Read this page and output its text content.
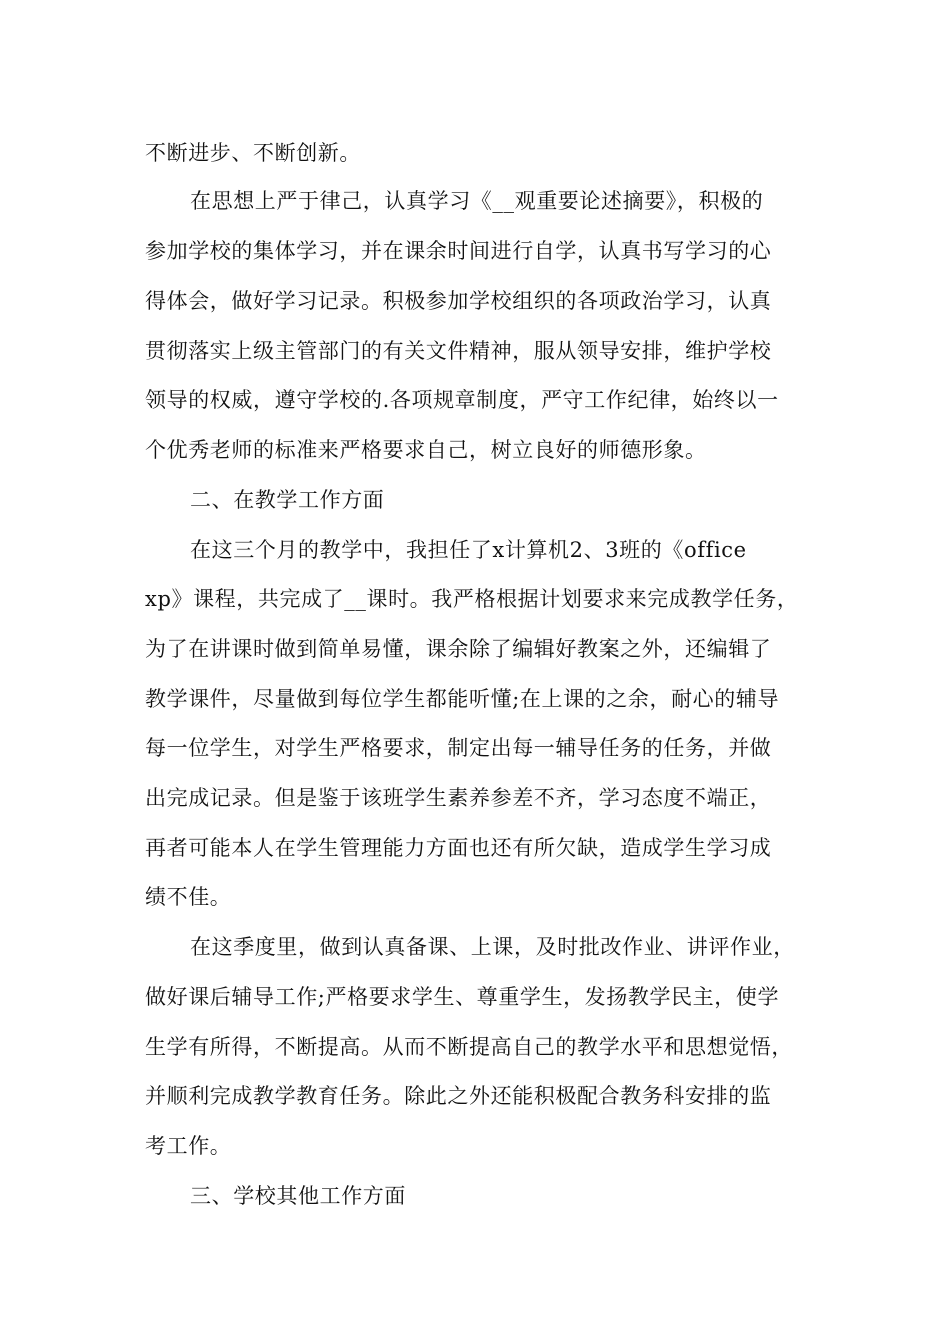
不断进步、不断创新。
在思想上严于律己，认真学习《__观重要论述摘要》，积极的
参加学校的集体学习，并在课余时间进行自学，认真书写学习的心
得体会，做好学习记录。积极参加学校组织的各项政治学习，认真
贯彻落实上级主管部门的有关文件精神，服从领导安排，维护学校
领导的权威，遵守学校的.各项规章制度，严守工作纪律，始终以一
个优秀老师的标准来严格要求自己，树立良好的师德形象。
二、在教学工作方面
在这三个月的教学中，我担任了x计算机2、3班的《office
xp》课程，共完成了__课时。我严格根据计划要求来完成教学任务，
为了在讲课时做到简单易懂，课余除了编辑好教案之外，还编辑了
教学课件，尽量做到每位学生都能听懂;在上课的之余，耐心的辅导
每一位学生，对学生严格要求，制定出每一辅导任务的任务，并做
出完成记录。但是鉴于该班学生素养参差不齐，学习态度不端正，
再者可能本人在学生管理能力方面也还有所欠缺，造成学生学习成
绩不佳。
在这季度里，做到认真备课、上课，及时批改作业、讲评作业，
做好课后辅导工作;严格要求学生、尊重学生，发扬教学民主，使学
生学有所得，不断提高。从而不断提高自己的教学水平和思想觉悟，
并顺利完成教学教育任务。除此之外还能积极配合教务科安排的监
考工作。
三、学校其他工作方面
